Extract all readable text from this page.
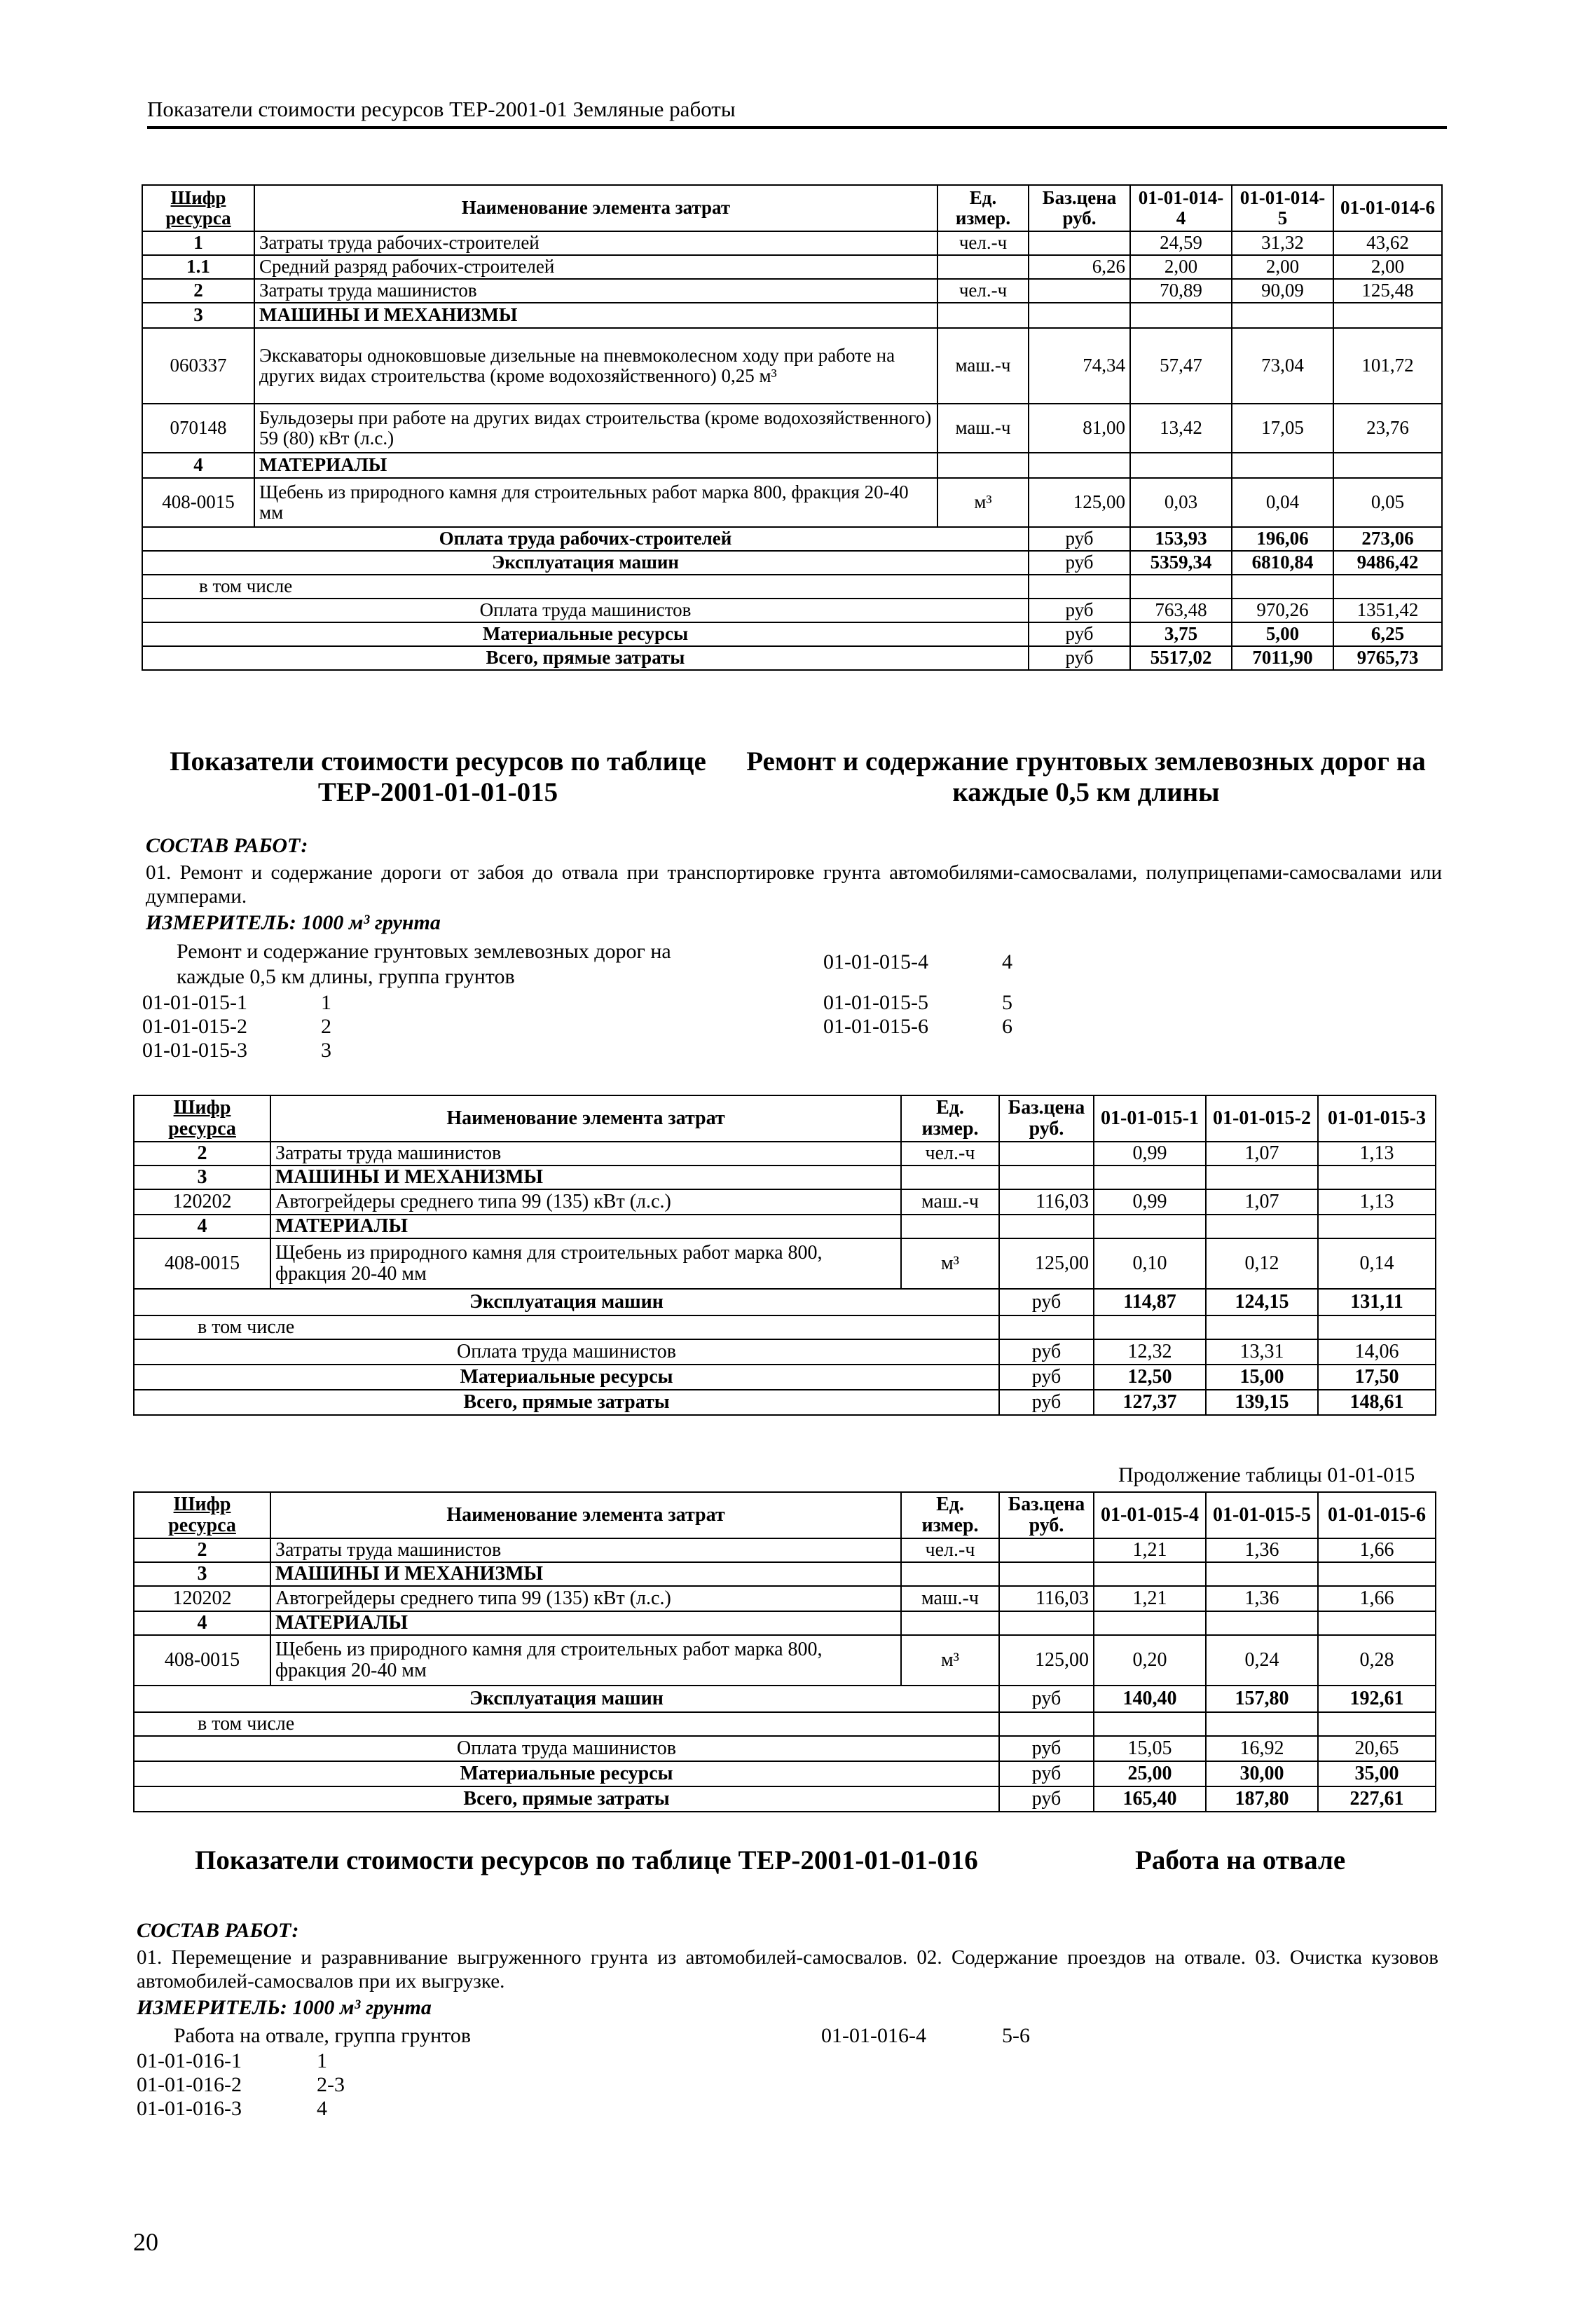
Показатели стоимости ресурсов ТЕР-2001-01 Земляные работы
Шифр ресурса	Наименование элемента затрат	Ед. измер.	Баз.цена руб.	01-01-014-4	01-01-014-5	01-01-014-6
1	Затраты труда рабочих-строителей	чел.-ч		24,59	31,32	43,62
1.1	Средний разряд рабочих-строителей		6,26	2,00	2,00	2,00
2	Затраты труда машинистов	чел.-ч		70,89	90,09	125,48
3	МАШИНЫ И МЕХАНИЗМЫ					
060337	Экскаваторы одноковшовые дизельные на пневмоколесном ходу при работе на других видах строительства (кроме водохозяйственного) 0,25 м³	маш.-ч	74,34	57,47	73,04	101,72
070148	Бульдозеры при работе на других видах строительства (кроме водохозяйственного) 59 (80) кВт (л.с.)	маш.-ч	81,00	13,42	17,05	23,76
4	МАТЕРИАЛЫ					
408-0015	Щебень из природного камня для строительных работ марка 800, фракция 20-40 мм	м³	125,00	0,03	0,04	0,05
Оплата труда рабочих-строителей			руб	153,93	196,06	273,06
Эксплуатация машин			руб	5359,34	6810,84	9486,42
в том числе						
Оплата труда машинистов			руб	763,48	970,26	1351,42
Материальные ресурсы			руб	3,75	5,00	6,25
Всего, прямые затраты			руб	5517,02	7011,90	9765,73
Показатели стоимости ресурсов по таблице ТЕР-2001-01-01-015
Ремонт и содержание грунтовых землевозных дорог на каждые 0,5 км длины
СОСТАВ РАБОТ:
01. Ремонт и содержание дороги от забоя до отвала при транспортировке грунта автомобилями-самосвалами, полуприцепами-самосвалами или думперами.
ИЗМЕРИТЕЛЬ: 1000 м³ грунта
Ремонт и содержание грунтовых землевозных дорог на каждые 0,5 км длины, группа грунтов
01-01-015-1	1
01-01-015-2	2
01-01-015-3	3
01-01-015-4	4
01-01-015-5	5
01-01-015-6	6
Шифр ресурса	Наименование элемента затрат	Ед. измер.	Баз.цена руб.	01-01-015-1	01-01-015-2	01-01-015-3
2	Затраты труда машинистов	чел.-ч		0,99	1,07	1,13
3	МАШИНЫ И МЕХАНИЗМЫ					
120202	Автогрейдеры среднего типа 99 (135) кВт (л.с.)	маш.-ч	116,03	0,99	1,07	1,13
4	МАТЕРИАЛЫ					
408-0015	Щебень из природного камня для строительных работ марка 800, фракция 20-40 мм	м³	125,00	0,10	0,12	0,14
Эксплуатация машин			руб	114,87	124,15	131,11
в том числе						
Оплата труда машинистов			руб	12,32	13,31	14,06
Материальные ресурсы			руб	12,50	15,00	17,50
Всего, прямые затраты			руб	127,37	139,15	148,61
Продолжение таблицы 01-01-015
Шифр ресурса	Наименование элемента затрат	Ед. измер.	Баз.цена руб.	01-01-015-4	01-01-015-5	01-01-015-6
2	Затраты труда машинистов	чел.-ч		1,21	1,36	1,66
3	МАШИНЫ И МЕХАНИЗМЫ					
120202	Автогрейдеры среднего типа 99 (135) кВт (л.с.)	маш.-ч	116,03	1,21	1,36	1,66
4	МАТЕРИАЛЫ					
408-0015	Щебень из природного камня для строительных работ марка 800, фракция 20-40 мм	м³	125,00	0,20	0,24	0,28
Эксплуатация машин			руб	140,40	157,80	192,61
в том числе						
Оплата труда машинистов			руб	15,05	16,92	20,65
Материальные ресурсы			руб	25,00	30,00	35,00
Всего, прямые затраты			руб	165,40	187,80	227,61
Показатели стоимости ресурсов по таблице ТЕР-2001-01-01-016	Работа на отвале
СОСТАВ РАБОТ:
01. Перемещение и разравнивание выгруженного грунта из автомобилей-самосвалов. 02. Содержание проездов на отвале. 03. Очистка кузовов автомобилей-самосвалов при их выгрузке.
ИЗМЕРИТЕЛЬ: 1000 м³ грунта
Работа на отвале, группа грунтов
01-01-016-1	1
01-01-016-2	2-3
01-01-016-3	4
01-01-016-4	5-6
20
